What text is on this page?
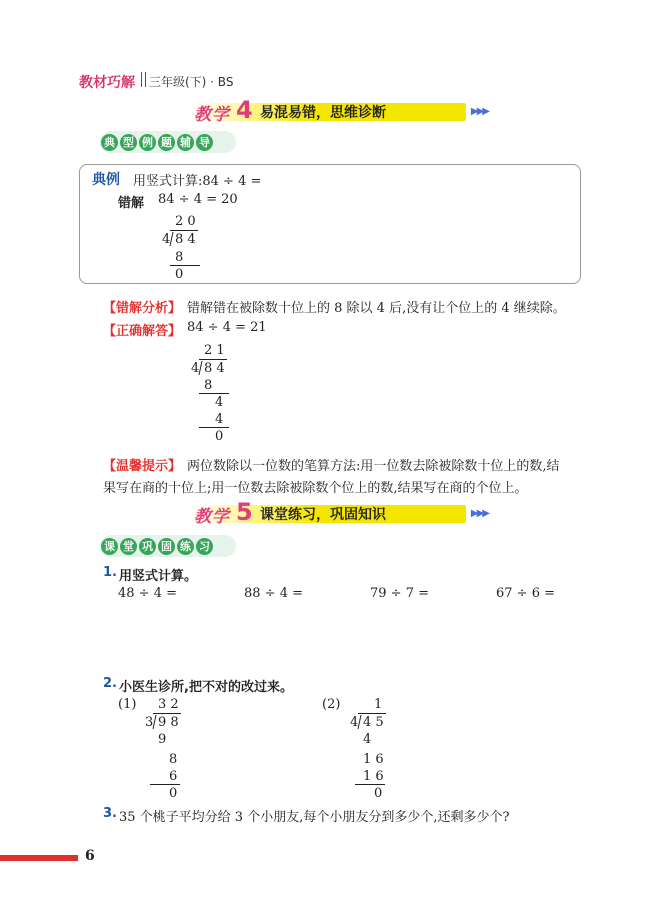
教材巧解 三年级(下) · BS
教学 4 易混易错，思维诊断	▶▶▶
典 型 例 题 辅 导
典例 用竖式计算:84 ÷ 4 =
错解 84 ÷ 4 = 20
2 0
4 8 4
8
0
【错解分析】 错解错在被除数十位上的 8 除以 4 后,没有让个位上的 4 继续除。
【正确解答】 84 ÷ 4 = 21
2 1
4 8 4
8
4
4
0
【温馨提示】 两位数除以一位数的笔算方法:用一位数去除被除数十位上的数,结
果写在商的十位上;用一位数去除被除数个位上的数,结果写在商的个位上。
教学 5 课堂练习，巩固知识	▶▶▶
课 堂 巩 固 练 习
1. 用竖式计算。
48 ÷ 4 =	88 ÷ 4 =	79 ÷ 7 =	67 ÷ 6 =
2. 小医生诊所,把不对的改过来。
(1) 3 2
3 9 8
9
8
6
0
(2)	1
4 4 5
4
1 6
1 6
0
3. 35 个桃子平均分给 3 个小朋友,每个小朋友分到多少个,还剩多少个?
6
